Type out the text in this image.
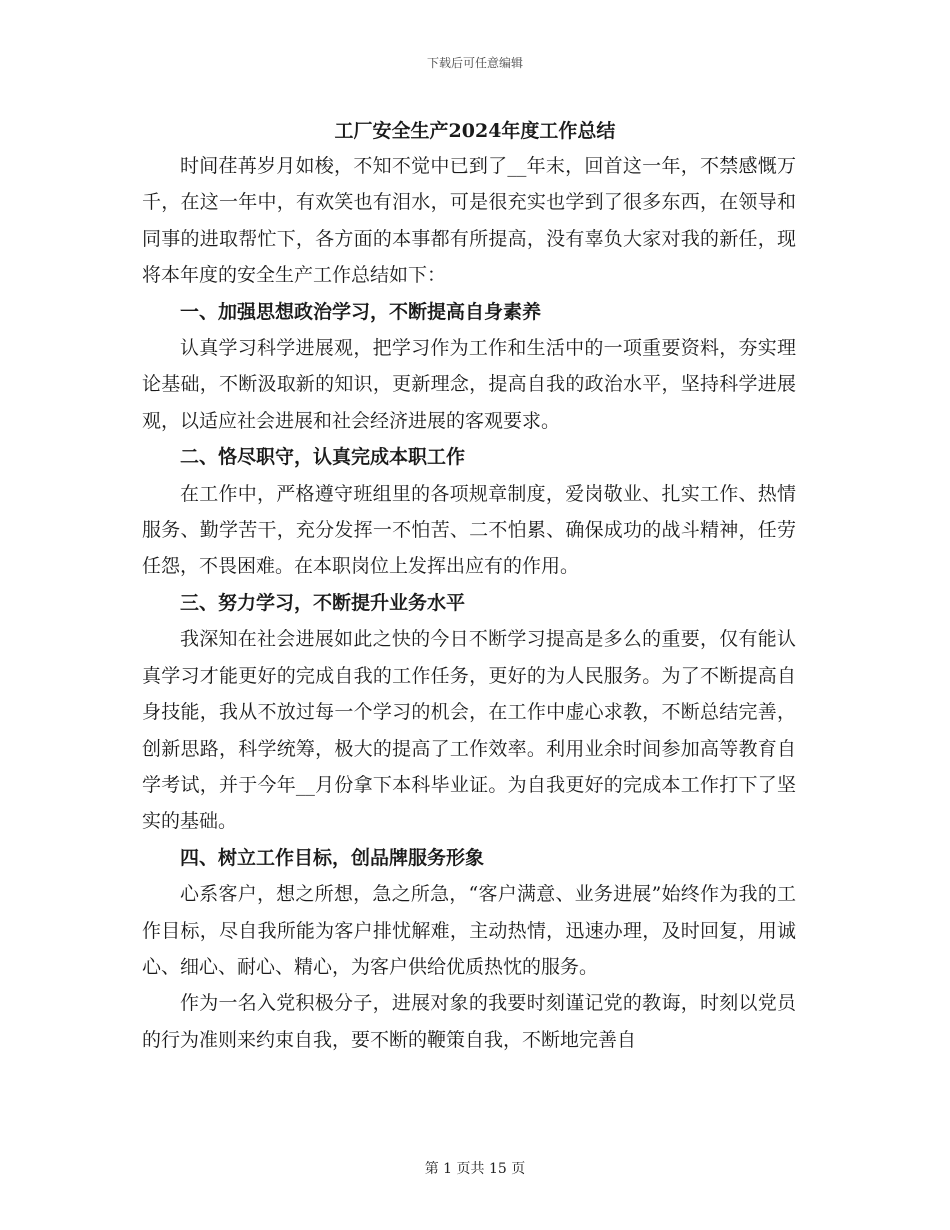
下载后可任意编辑
工厂安全生产2024年度工作总结

时间荏苒岁月如梭，不知不觉中已到了__年末，回首这一年，不禁感慨万千，在这一年中，有欢笑也有泪水，可是很充实也学到了很多东西，在领导和同事的进取帮忙下，各方面的本事都有所提高，没有辜负大家对我的新任，现将本年度的安全生产工作总结如下：

一、加强思想政治学习，不断提高自身素养

认真学习科学进展观，把学习作为工作和生活中的一项重要资料，夯实理论基础，不断汲取新的知识，更新理念，提高自我的政治水平，坚持科学进展观，以适应社会进展和社会经济进展的客观要求。

二、恪尽职守，认真完成本职工作

在工作中，严格遵守班组里的各项规章制度，爱岗敬业、扎实工作、热情服务、勤学苦干，充分发挥一不怕苦、二不怕累、确保成功的战斗精神，任劳任怨，不畏困难。在本职岗位上发挥出应有的作用。

三、努力学习，不断提升业务水平

我深知在社会进展如此之快的今日不断学习提高是多么的重要，仅有能认真学习才能更好的完成自我的工作任务，更好的为人民服务。为了不断提高自身技能，我从不放过每一个学习的机会，在工作中虚心求教，不断总结完善，创新思路，科学统筹，极大的提高了工作效率。利用业余时间参加高等教育自学考试，并于今年__月份拿下本科毕业证。为自我更好的完成本工作打下了坚实的基础。

四、树立工作目标，创品牌服务形象

心系客户，想之所想，急之所急，“客户满意、业务进展”始终作为我的工作目标，尽自我所能为客户排忧解难，主动热情，迅速办理，及时回复，用诚心、细心、耐心、精心，为客户供给优质热忱的服务。

作为一名入党积极分子，进展对象的我要时刻谨记党的教诲，时刻以党员的行为准则来约束自我，要不断的鞭策自我，不断地完善自

第 1 页共 15 页
